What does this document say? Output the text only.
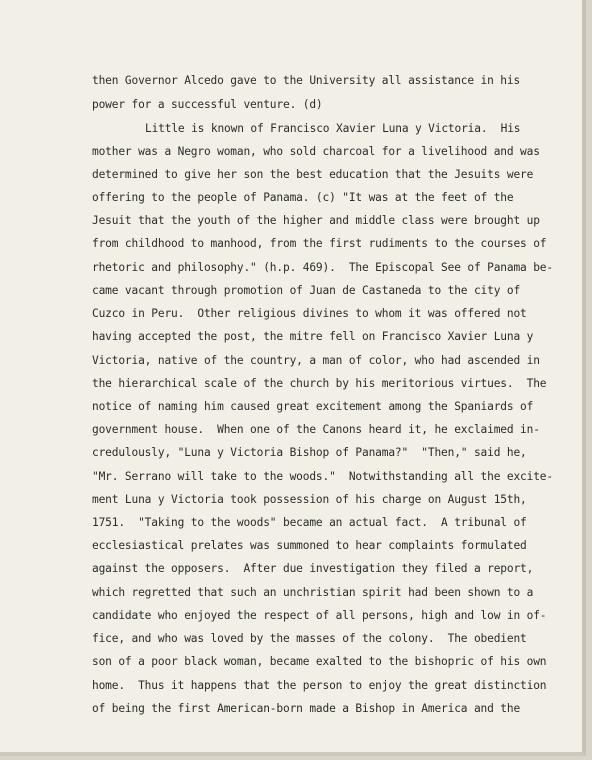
then Governor Alcedo gave to the University all assistance in his
power for a successful venture. (d)
Little is known of Francisco Xavier Luna y Victoria.  His
mother was a Negro woman, who sold charcoal for a livelihood and was
determined to give her son the best education that the Jesuits were
offering to the people of Panama. (c) "It was at the feet of the
Jesuit that the youth of the higher and middle class were brought up
from childhood to manhood, from the first rudiments to the courses of
rhetoric and philosophy." (h.p. 469).  The Episcopal See of Panama be-
came vacant through promotion of Juan de Castaneda to the city of
Cuzco in Peru.  Other religious divines to whom it was offered not
having accepted the post, the mitre fell on Francisco Xavier Luna y
Victoria, native of the country, a man of color, who had ascended in
the hierarchical scale of the church by his meritorious virtues.  The
notice of naming him caused great excitement among the Spaniards of
government house.  When one of the Canons heard it, he exclaimed in-
credulously, "Luna y Victoria Bishop of Panama?"  "Then," said he,
"Mr. Serrano will take to the woods."  Notwithstanding all the excite-
ment Luna y Victoria took possession of his charge on August 15th,
1751.  "Taking to the woods" became an actual fact.  A tribunal of
ecclesiastical prelates was summoned to hear complaints formulated
against the opposers.  After due investigation they filed a report,
which regretted that such an unchristian spirit had been shown to a
candidate who enjoyed the respect of all persons, high and low in of-
fice, and who was loved by the masses of the colony.  The obedient
son of a poor black woman, became exalted to the bishopric of his own
home.  Thus it happens that the person to enjoy the great distinction
of being the first American-born made a Bishop in America and the
